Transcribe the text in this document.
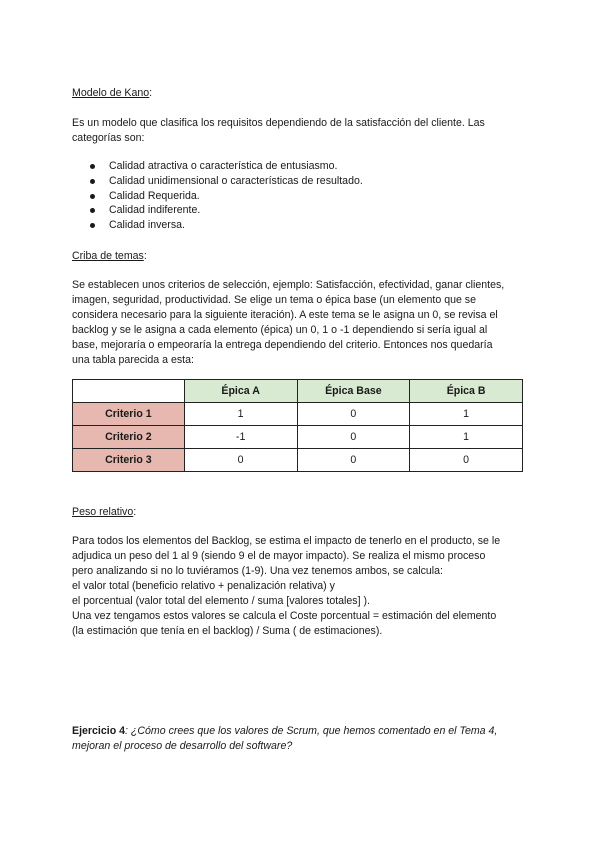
Modelo de Kano:

Es un modelo que clasifica los requisitos dependiendo de la satisfacción del cliente. Las

categorías son:

Calidad atractiva o característica de entusiasmo.
Calidad unidimensional o características de resultado.
Calidad Requerida.
Calidad indiferente.
Calidad inversa.
Criba de temas:

Se establecen unos criterios de selección, ejemplo: Satisfacción, efectividad, ganar clientes,

imagen, seguridad, productividad. Se elige un tema o épica base (un elemento que se

considera necesario para la siguiente iteración). A este tema se le asigna un 0, se revisa el

backlog y se le asigna a cada elemento (épica) un 0, 1 o -1 dependiendo si sería igual al

base, mejoraría o empeoraría la entrega dependiendo del criterio. Entonces nos quedaría

una tabla parecida a esta:

	Épica A	Épica Base	Épica B
Criterio 1	1	0	1
Criterio 2	-1	0	1
Criterio 3	0	0	0
Peso relativo:

Para todos los elementos del Backlog, se estima el impacto de tenerlo en el producto, se le

adjudica un peso del 1 al 9 (siendo 9 el de mayor impacto). Se realiza el mismo proceso

pero analizando si no lo tuviéramos (1-9). Una vez tenemos ambos, se calcula:

el valor total (beneficio relativo + penalización relativa) y

el porcentual (valor total del elemento / suma [valores totales] ).

Una vez tengamos estos valores se calcula el Coste porcentual = estimación del elemento

(la estimación que tenía en el backlog) / Suma ( de estimaciones).

Ejercicio 4: ¿Cómo crees que los valores de Scrum, que hemos comentado en el Tema 4,
mejoran el proceso de desarrollo del software?
